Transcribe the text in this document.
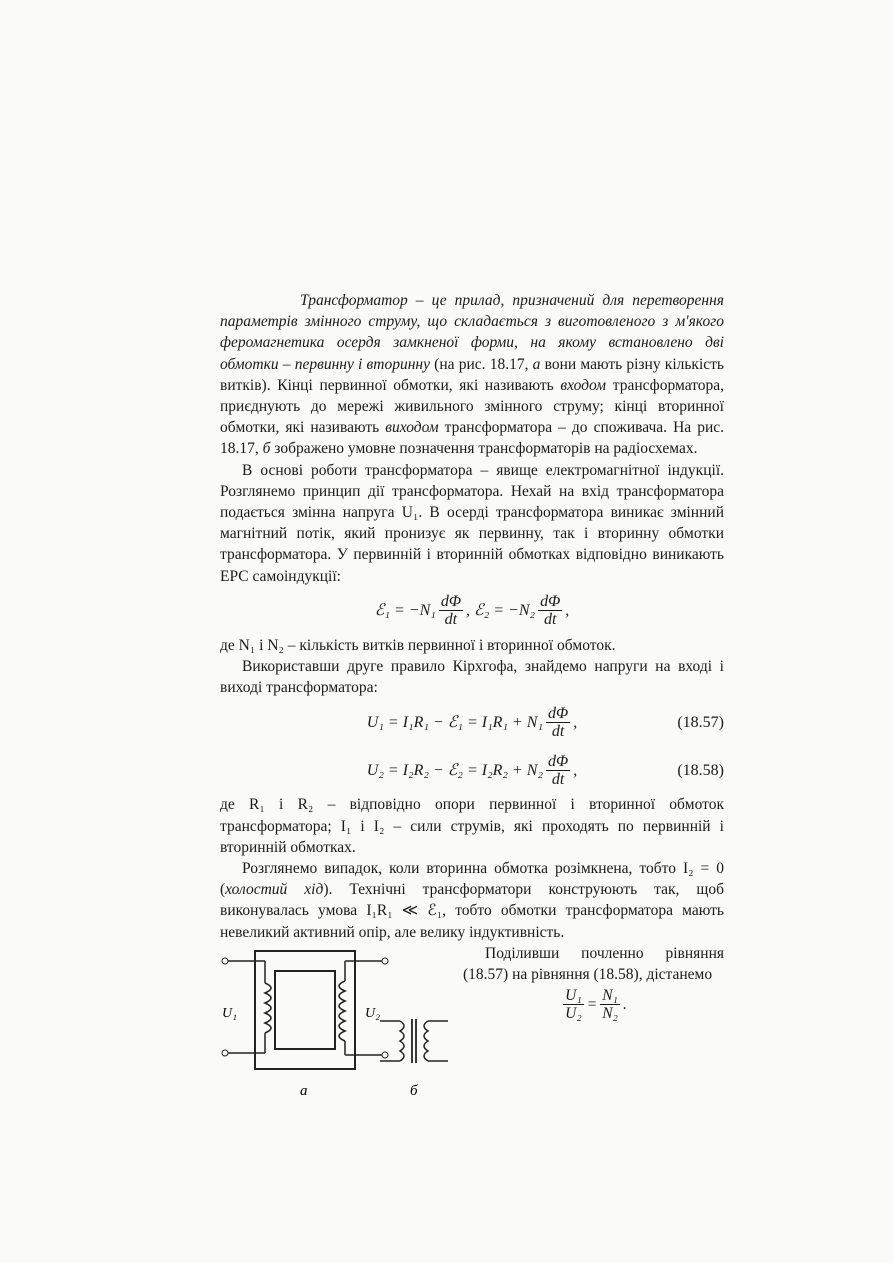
Трансформатор – це прилад, призначений для перетворення параметрів змінного струму, що складається з виготовленого з м'якого феромагнетика осердя замкненої форми, на якому встановлено дві обмотки – первинну і вторинну (на рис. 18.17, а вони мають різну кількість витків). Кінці первинної обмотки, які називають входом трансформатора, приєднують до мережі живильного змінного струму; кінці вторинної обмотки, які називають виходом трансформатора – до споживача. На рис. 18.17, б зображено умовне позначення трансформаторів на радіосхемах.

В основі роботи трансформатора – явище електромагнітної індукції. Розглянемо принцип дії трансформатора. Нехай на вхід трансформатора подається змінна напруга U₁. В осерді трансформатора виникає змінний магнітний потік, який пронизує як первинну, так і вторинну обмотки трансформатора. У первинній і вторинній обмотках відповідно виникають ЕРС самоіндукції:

ℰ₁ = $-N_1 \frac{d\Phi}{dt}$ , ℰ₂ = $-N_2 \frac{d\Phi}{dt}$ ,

де N₁ і N₂ – кількість витків первинної і вторинної обмоток.

Використавши друге правило Кірхгофа, знайдемо напруги на вході і виході трансформатора:

U₁ = I₁R₁ − ℰ₁ = $I_1R_1 + N_1 \frac{d\Phi}{dt}$ ,	(18.57)
U₂ = I₂R₂ − ℰ₂ = $I_2R_2 + N_2 \frac{d\Phi}{dt}$ ,	(18.58)

де R₁ і R₂ – відповідно опори первинної і вторинної обмоток трансформатора; I₁ і I₂ – сили струмів, які проходять по первинній і вторинній обмотках.

Розглянемо випадок, коли вторинна обмотка розімкнена, тобто I₂ = 0 (холостий хід). Технічні трансформатори конструюють так, щоб виконувалась умова I₁R₁ ≪ ℰ₁, тобто обмотки трансформатора мають невеликий активний опір, але велику індуктивність.

U₁	U₂
а	б

Поділивши почленно рівняння (18.57) на рівняння (18.58), дістанемо

$\frac{\text{U₁}}{\text{U₂}} = \frac{\text{N₁}}{\text{N₂}}$ .
